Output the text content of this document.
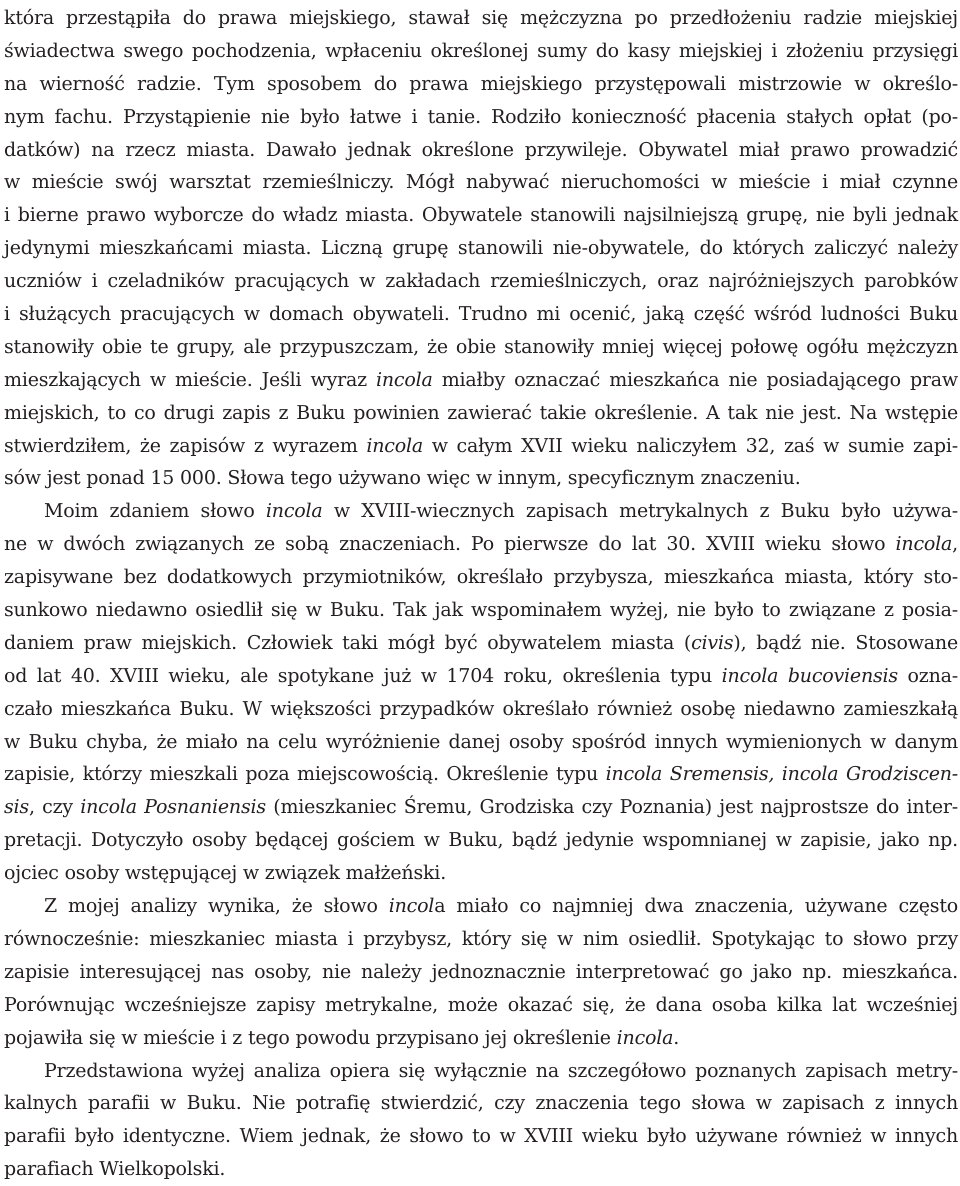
która przestąpiła do prawa miejskiego, stawał się mężczyzna po przedłożeniu radzie miejskiej
świadectwa swego pochodzenia, wpłaceniu określonej sumy do kasy miejskiej i złożeniu przysięgi
na wierność radzie. Tym sposobem do prawa miejskiego przystępowali mistrzowie w określo-
nym fachu. Przystąpienie nie było łatwe i tanie. Rodziło konieczność płacenia stałych opłat (po-
datków) na rzecz miasta. Dawało jednak określone przywileje. Obywatel miał prawo prowadzić
w mieście swój warsztat rzemieślniczy. Mógł nabywać nieruchomości w mieście i miał czynne
i bierne prawo wyborcze do władz miasta. Obywatele stanowili najsilniejszą grupę, nie byli jednak
jedynymi mieszkańcami miasta. Liczną grupę stanowili nie-obywatele, do których zaliczyć należy
uczniów i czeladników pracujących w zakładach rzemieślniczych, oraz najróżniejszych parobków
i służących pracujących w domach obywateli. Trudno mi ocenić, jaką część wśród ludności Buku
stanowiły obie te grupy, ale przypuszczam, że obie stanowiły mniej więcej połowę ogółu mężczyzn
mieszkających w mieście. Jeśli wyraz incola miałby oznaczać mieszkańca nie posiadającego praw
miejskich, to co drugi zapis z Buku powinien zawierać takie określenie. A tak nie jest. Na wstępie
stwierdziłem, że zapisów z wyrazem incola w całym XVII wieku naliczyłem 32, zaś w sumie zapi-
sów jest ponad 15 000. Słowa tego używano więc w innym, specyficznym znaczeniu.
Moim zdaniem słowo incola w XVIII-wiecznych zapisach metrykalnych z Buku było używa-
ne w dwóch związanych ze sobą znaczeniach. Po pierwsze do lat 30. XVIII wieku słowo incola,
zapisywane bez dodatkowych przymiotników, określało przybysza, mieszkańca miasta, który sto-
sunkowo niedawno osiedlił się w Buku. Tak jak wspominałem wyżej, nie było to związane z posia-
daniem praw miejskich. Człowiek taki mógł być obywatelem miasta (civis), bądź nie. Stosowane
od lat 40. XVIII wieku, ale spotykane już w 1704 roku, określenia typu incola bucoviensis ozna-
czało mieszkańca Buku. W większości przypadków określało również osobę niedawno zamieszkałą
w Buku chyba, że miało na celu wyróżnienie danej osoby spośród innych wymienionych w danym
zapisie, którzy mieszkali poza miejscowością. Określenie typu incola Sremensis, incola Grodziscen-
sis, czy incola Posnaniensis (mieszkaniec Śremu, Grodziska czy Poznania) jest najprostsze do inter-
pretacji. Dotyczyło osoby będącej gościem w Buku, bądź jedynie wspomnianej w zapisie, jako np.
ojciec osoby wstępującej w związek małżeński.
Z mojej analizy wynika, że słowo incola miało co najmniej dwa znaczenia, używane często
równocześnie: mieszkaniec miasta i przybysz, który się w nim osiedlił. Spotykając to słowo przy
zapisie interesującej nas osoby, nie należy jednoznacznie interpretować go jako np. mieszkańca.
Porównując wcześniejsze zapisy metrykalne, może okazać się, że dana osoba kilka lat wcześniej
pojawiła się w mieście i z tego powodu przypisano jej określenie incola.
Przedstawiona wyżej analiza opiera się wyłącznie na szczegółowo poznanych zapisach metry-
kalnych parafii w Buku. Nie potrafię stwierdzić, czy znaczenia tego słowa w zapisach z innych
parafii było identyczne. Wiem jednak, że słowo to w XVIII wieku było używane również w innych
parafiach Wielkopolski.
